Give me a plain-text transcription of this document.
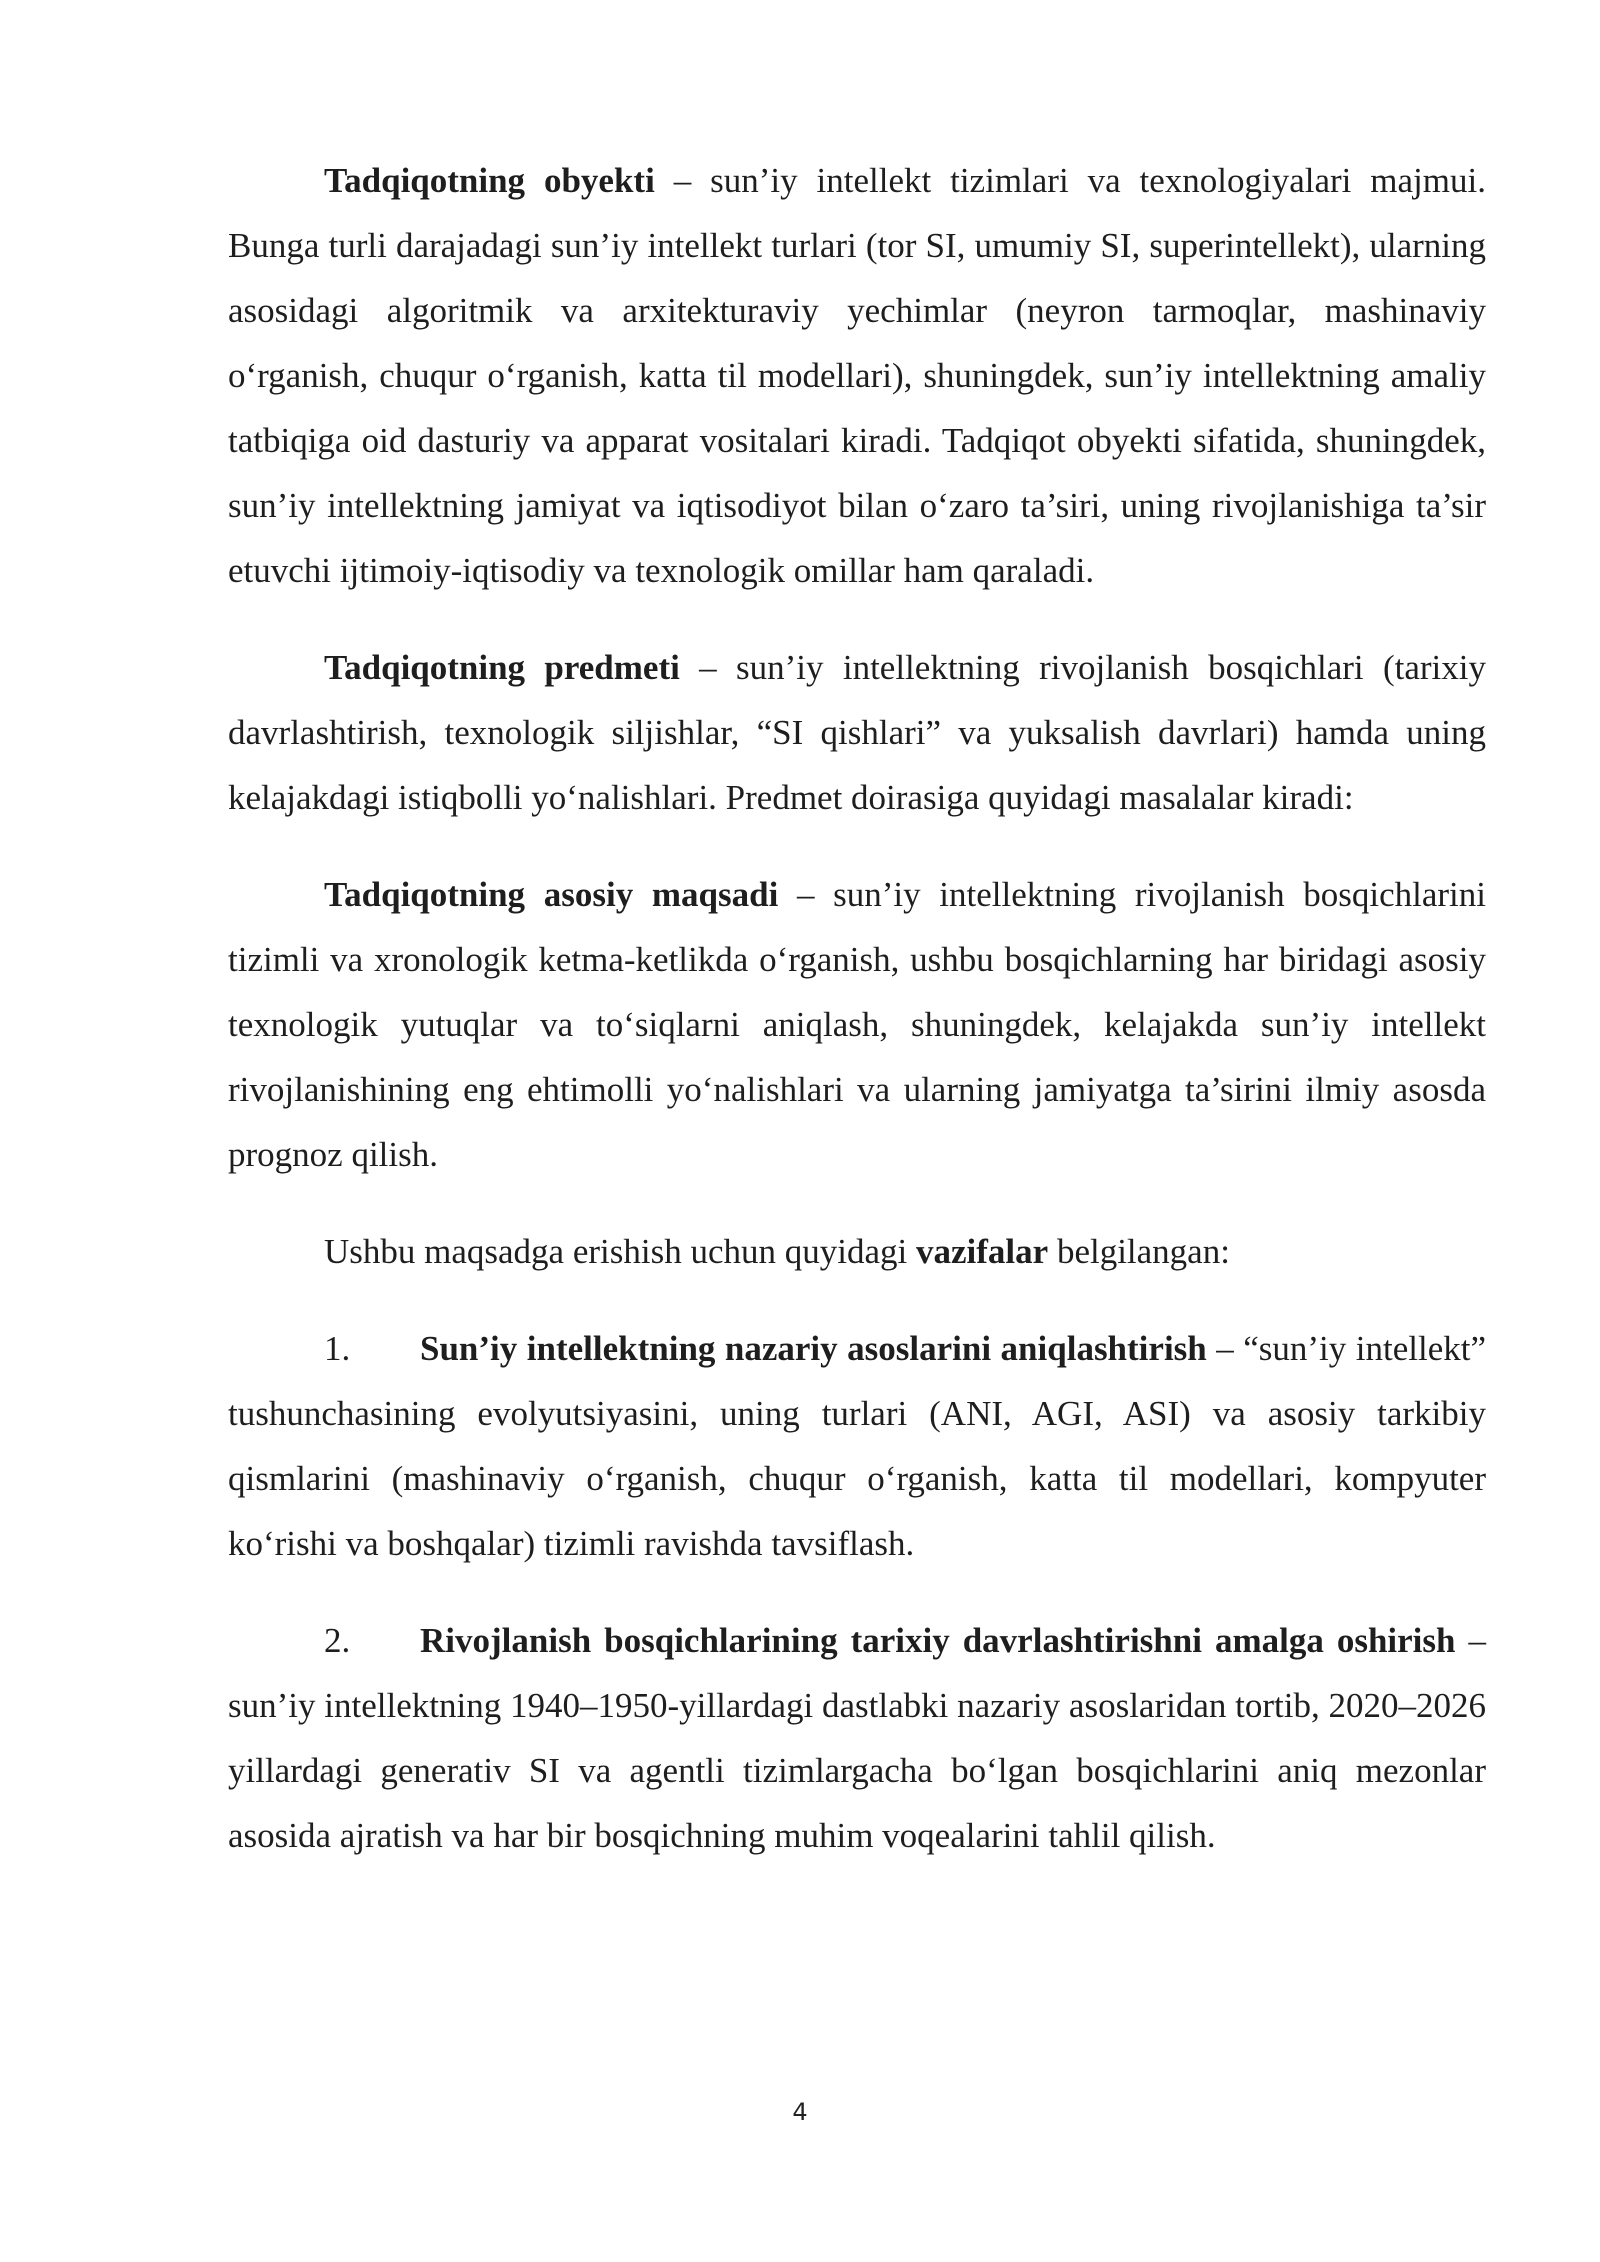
Tadqiqotning obyekti – sun’iy intellekt tizimlari va texnologiyalari majmui. Bunga turli darajadagi sun’iy intellekt turlari (tor SI, umumiy SI, superintellekt), ularning asosidagi algoritmik va arxitekturaviy yechimlar (neyron tarmoqlar, mashinaviy o‘rganish, chuqur o‘rganish, katta til modellari), shuningdek, sun’iy intellektning amaliy tatbiqiga oid dasturiy va apparat vositalari kiradi. Tadqiqot obyekti sifatida, shuningdek, sun’iy intellektning jamiyat va iqtisodiyot bilan o‘zaro ta’siri, uning rivojlanishiga ta’sir etuvchi ijtimoiy-iqtisodiy va texnologik omillar ham qaraladi.

Tadqiqotning predmeti – sun’iy intellektning rivojlanish bosqichlari (tarixiy davrlashtirish, texnologik siljishlar, “SI qishlari” va yuksalish davrlari) hamda uning kelajakdagi istiqbolli yo‘nalishlari. Predmet doirasiga quyidagi masalalar kiradi:

Tadqiqotning asosiy maqsadi – sun’iy intellektning rivojlanish bosqichlarini tizimli va xronologik ketma-ketlikda o‘rganish, ushbu bosqichlarning har biridagi asosiy texnologik yutuqlar va to‘siqlarni aniqlash, shuningdek, kelajakda sun’iy intellekt rivojlanishining eng ehtimolli yo‘nalishlari va ularning jamiyatga ta’sirini ilmiy asosda prognoz qilish.

Ushbu maqsadga erishish uchun quyidagi vazifalar belgilangan:

1. Sun’iy intellektning nazariy asoslarini aniqlashtirish – “sun’iy intellekt” tushunchasining evolyutsiyasini, uning turlari (ANI, AGI, ASI) va asosiy tarkibiy qismlarini (mashinaviy o‘rganish, chuqur o‘rganish, katta til modellari, kompyuter ko‘rishi va boshqalar) tizimli ravishda tavsiflash.

2. Rivojlanish bosqichlarining tarixiy davrlashtirishni amalga oshirish – sun’iy intellektning 1940–1950-yillardagi dastlabki nazariy asoslaridan tortib, 2020–2026 yillardagi generativ SI va agentli tizimlargacha bo‘lgan bosqichlarini aniq mezonlar asosida ajratish va har bir bosqichning muhim voqealarini tahlil qilish.

4
